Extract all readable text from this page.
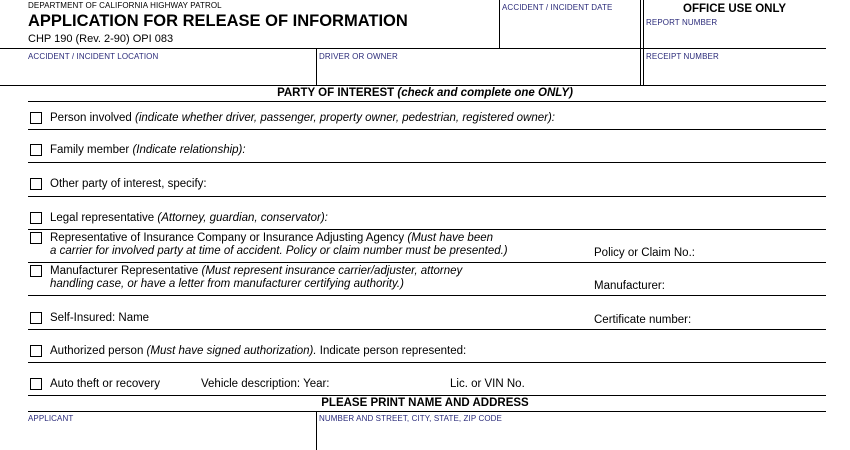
DEPARTMENT OF CALIFORNIA HIGHWAY PATROL
APPLICATION FOR RELEASE OF INFORMATION
CHP 190 (Rev. 2-90) OPI 083
ACCIDENT / INCIDENT DATE	OFFICE USE ONLY
REPORT NUMBER
ACCIDENT / INCIDENT LOCATION	DRIVER OR OWNER	RECEIPT NUMBER
PARTY OF INTEREST (check and complete one ONLY)
Person involved (indicate whether driver, passenger, property owner, pedestrian, registered owner):
Family member (Indicate relationship):
Other party of interest, specify:
Legal representative (Attorney, guardian, conservator):
Representative of Insurance Company or Insurance Adjusting Agency (Must have been
a carrier for involved party at time of accident. Policy or claim number must be presented.)	Policy or Claim No.:
Manufacturer Representative (Must represent insurance carrier/adjuster, attorney
handling case, or have a letter from manufacturer certifying authority.)	Manufacturer:
Self-Insured: Name	Certificate number:
Authorized person (Must have signed authorization). Indicate person represented:
Auto theft or recovery	Vehicle description: Year:	Lic. or VIN No.
PLEASE PRINT NAME AND ADDRESS
APPLICANT	NUMBER AND STREET, CITY, STATE, ZIP CODE
